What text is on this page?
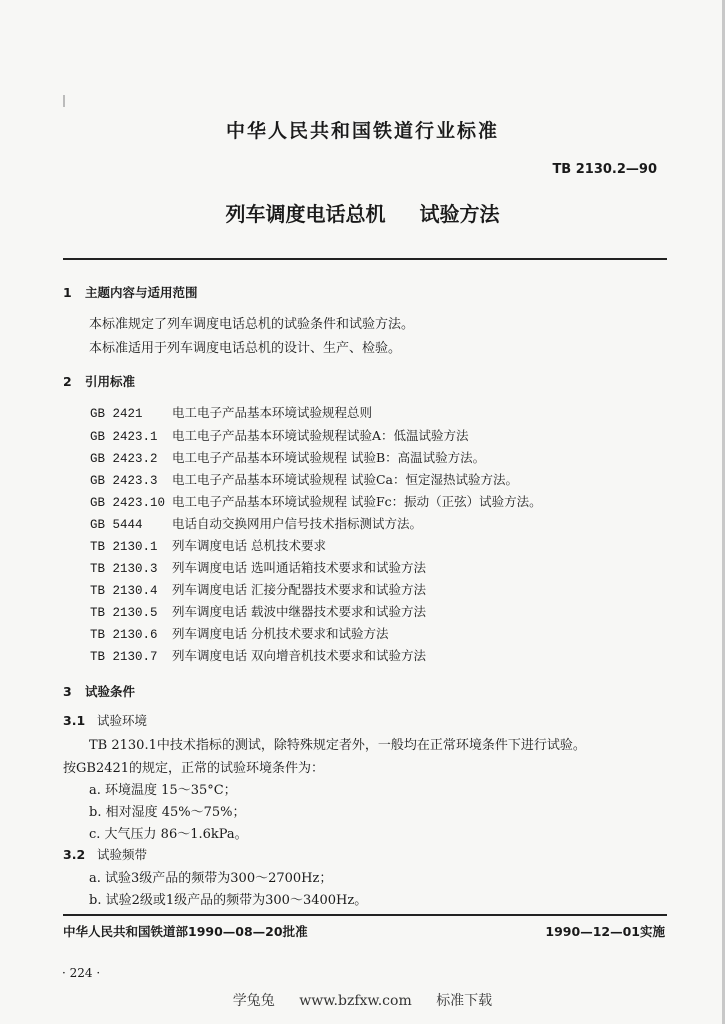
中华人民共和国铁道行业标准
TB 2130.2—90
列车调度电话总机 试验方法
1 主题内容与适用范围
本标准规定了列车调度电话总机的试验条件和试验方法。
本标准适用于列车调度电话总机的设计、生产、检验。
2 引用标准
GB 2421 电工电子产品基本环境试验规程总则
GB 2423.1 电工电子产品基本环境试验规程试验A：低温试验方法
GB 2423.2 电工电子产品基本环境试验规程 试验B：高温试验方法。
GB 2423.3 电工电子产品基本环境试验规程 试验Ca：恒定湿热试验方法。
GB 2423.10 电工电子产品基本环境试验规程 试验Fc：振动（正弦）试验方法。
GB 5444 电话自动交换网用户信号技术指标测试方法。
TB 2130.1 列车调度电话 总机技术要求
TB 2130.3 列车调度电话 选叫通话箱技术要求和试验方法
TB 2130.4 列车调度电话 汇接分配器技术要求和试验方法
TB 2130.5 列车调度电话 载波中继器技术要求和试验方法
TB 2130.6 列车调度电话 分机技术要求和试验方法
TB 2130.7 列车调度电话 双向增音机技术要求和试验方法
3 试验条件
3.1 试验环境
TB 2130.1中技术指标的测试，除特殊规定者外，一般均在正常环境条件下进行试验。
按GB2421的规定，正常的试验环境条件为：
a. 环境温度 15～35°C；
b. 相对湿度 45%～75%；
c. 大气压力 86～1.6kPa。
3.2 试验频带
a. 试验3级产品的频带为300～2700Hz；
b. 试验2级或1级产品的频带为300～3400Hz。
中华人民共和国铁道部1990—08—20批准	1990—12—01实施
· 224 ·
学兔兔 www.bzfxw.com 标准下载
